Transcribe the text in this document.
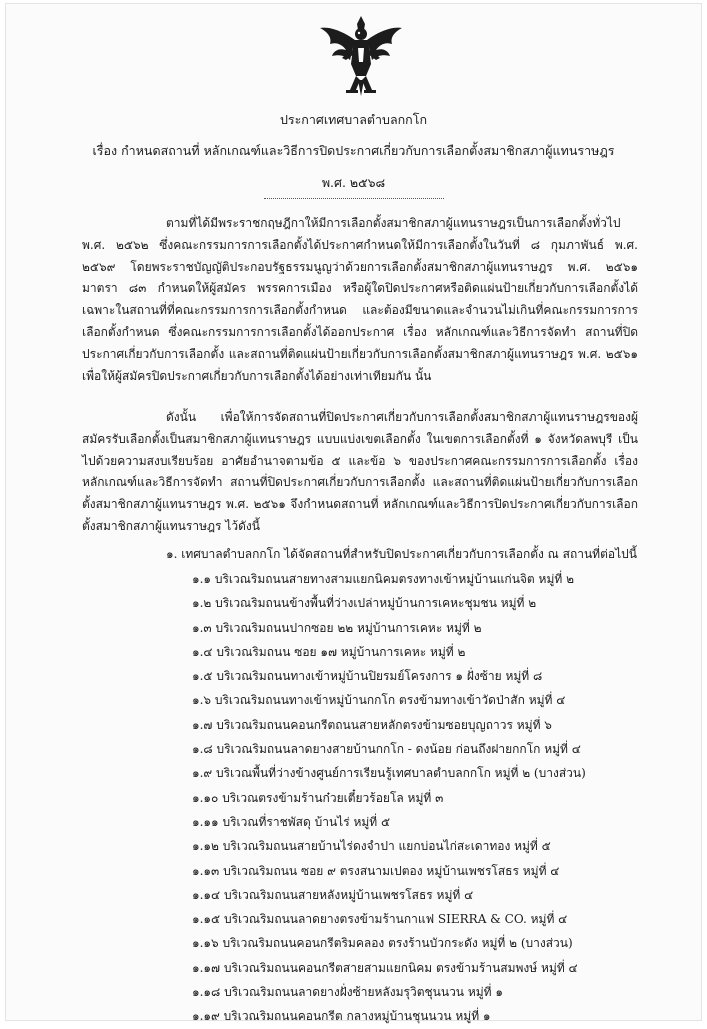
ประกาศเทศบาลตำบลกกโก
เรื่อง กำหนดสถานที่ หลักเกณฑ์และวิธีการปิดประกาศเกี่ยวกับการเลือกตั้งสมาชิกสภาผู้แทนราษฎร
พ.ศ. ๒๕๖๘
ตามที่ได้มีพระราชกฤษฎีกาให้มีการเลือกตั้งสมาชิกสภาผู้แทนราษฎรเป็นการเลือกตั้งทั่วไป พ.ศ. ๒๕๖๒ ซึ่งคณะกรรมการการเลือกตั้งได้ประกาศกำหนดให้มีการเลือกตั้งในวันที่ ๘ กุมภาพันธ์ พ.ศ. ๒๕๖๙ โดยพระราชบัญญัติประกอบรัฐธรรมนูญว่าด้วยการเลือกตั้งสมาชิกสภาผู้แทนราษฎร พ.ศ. ๒๕๖๑ มาตรา ๘๓ กำหนดให้ผู้สมัคร พรรคการเมือง หรือผู้ใดปิดประกาศหรือติดแผ่นป้ายเกี่ยวกับการเลือกตั้งได้เฉพาะในสถานที่ที่คณะกรรมการการเลือกตั้งกำหนด และต้องมีขนาดและจำนวนไม่เกินที่คณะกรรมการการเลือกตั้งกำหนด ซึ่งคณะกรรมการการเลือกตั้งได้ออกประกาศ เรื่อง หลักเกณฑ์และวิธีการจัดทำ สถานที่ปิดประกาศเกี่ยวกับการเลือกตั้ง และสถานที่ติดแผ่นป้ายเกี่ยวกับการเลือกตั้งสมาชิกสภาผู้แทนราษฎร พ.ศ. ๒๕๖๑ เพื่อให้ผู้สมัครปิดประกาศเกี่ยวกับการเลือกตั้งได้อย่างเท่าเทียมกัน นั้น
ดังนั้น เพื่อให้การจัดสถานที่ปิดประกาศเกี่ยวกับการเลือกตั้งสมาชิกสภาผู้แทนราษฎรของผู้สมัครรับเลือกตั้งเป็นสมาชิกสภาผู้แทนราษฎร แบบแบ่งเขตเลือกตั้ง ในเขตการเลือกตั้งที่ ๑ จังหวัดลพบุรี เป็นไปด้วยความสงบเรียบร้อย อาศัยอำนาจตามข้อ ๕ และข้อ ๖ ของประกาศคณะกรรมการการเลือกตั้ง เรื่อง หลักเกณฑ์และวิธีการจัดทำ สถานที่ปิดประกาศเกี่ยวกับการเลือกตั้ง และสถานที่ติดแผ่นป้ายเกี่ยวกับการเลือกตั้งสมาชิกสภาผู้แทนราษฎร พ.ศ. ๒๕๖๑ จึงกำหนดสถานที่ หลักเกณฑ์และวิธีการปิดประกาศเกี่ยวกับการเลือกตั้งสมาชิกสภาผู้แทนราษฎร ไว้ดังนี้
๑. เทศบาลตำบลกกโก ได้จัดสถานที่สำหรับปิดประกาศเกี่ยวกับการเลือกตั้ง ณ สถานที่ต่อไปนี้
๑.๑ บริเวณริมถนนสายทางสามแยกนิคมตรงทางเข้าหมู่บ้านแก่นจิต หมู่ที่ ๒
๑.๒ บริเวณริมถนนข้างพื้นที่ว่างเปล่าหมู่บ้านการเคหะชุมชน หมู่ที่ ๒
๑.๓ บริเวณริมถนนปากซอย ๒๒ หมู่บ้านการเคหะ หมู่ที่ ๒
๑.๔ บริเวณริมถนน ซอย ๑๗ หมู่บ้านการเคหะ หมู่ที่ ๒
๑.๕ บริเวณริมถนนทางเข้าหมู่บ้านปิยรมย์โครงการ ๑ ฝั่งซ้าย หมู่ที่ ๘
๑.๖ บริเวณริมถนนทางเข้าหมู่บ้านกกโก ตรงข้ามทางเข้าวัดป่าสัก หมู่ที่ ๔
๑.๗ บริเวณริมถนนคอนกรีตถนนสายหลักตรงข้ามซอยบุญถาวร หมู่ที่ ๖
๑.๘ บริเวณริมถนนลาดยางสายบ้านกกโก - ดงน้อย ก่อนถึงฝายกกโก หมู่ที่ ๔
๑.๙ บริเวณพื้นที่ว่างข้างศูนย์การเรียนรู้เทศบาลตำบลกกโก หมู่ที่ ๒ (บางส่วน)
๑.๑๐ บริเวณตรงข้ามร้านก๋วยเตี๋ยวร้อยโล หมู่ที่ ๓
๑.๑๑ บริเวณที่ราชพัสดุ บ้านไร่ หมู่ที่ ๕
๑.๑๒ บริเวณริมถนนสายบ้านไร่ดงจำปา แยกบ่อนไก่สะเดาทอง หมู่ที่ ๕
๑.๑๓ บริเวณริมถนน ซอย ๙ ตรงสนามเปตอง หมู่บ้านเพชรโสธร หมู่ที่ ๔
๑.๑๔ บริเวณริมถนนสายหลังหมู่บ้านเพชรโสธร หมู่ที่ ๔
๑.๑๕ บริเวณริมถนนลาดยางตรงข้ามร้านกาแฟ SIERRA & CO. หมู่ที่ ๔
๑.๑๖ บริเวณริมถนนคอนกรีตริมคลอง ตรงร้านบัวกระดัง หมู่ที่ ๒ (บางส่วน)
๑.๑๗ บริเวณริมถนนคอนกรีตสายสามแยกนิคม ตรงข้ามร้านสมพงษ์ หมู่ที่ ๔
๑.๑๘ บริเวณริมถนนลาดยางฝั่งซ้ายหลังมรุวิตชุนนวน หมู่ที่ ๑
๑.๑๙ บริเวณริมถนนคอนกรีต กลางหมู่บ้านชุนนวน หมู่ที่ ๑
